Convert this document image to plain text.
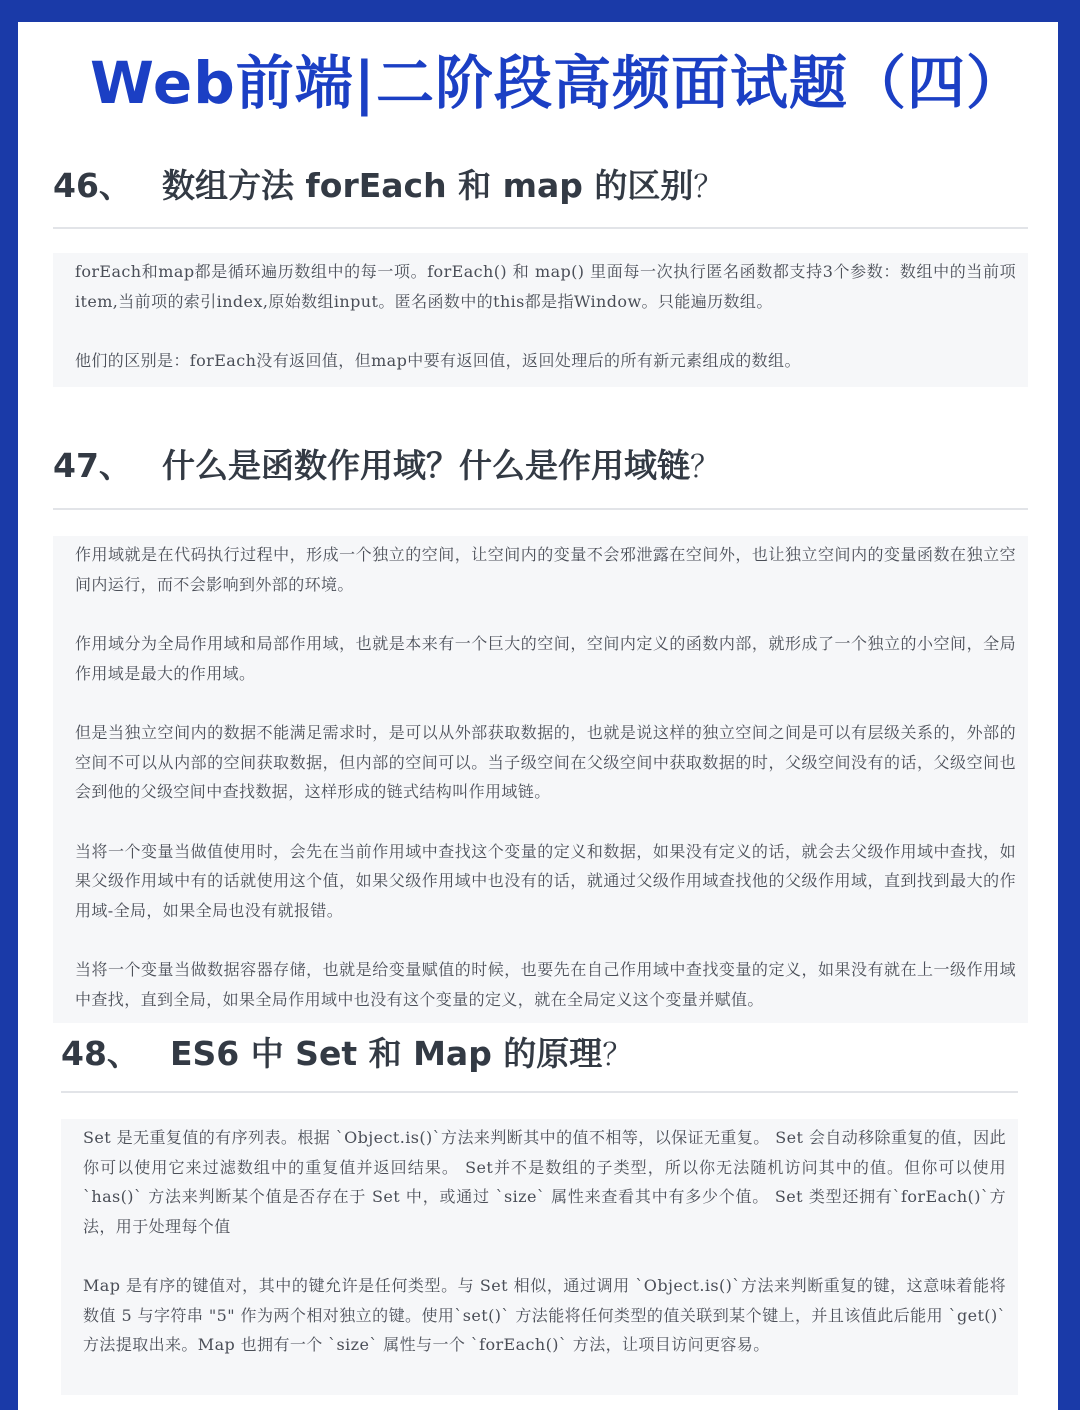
Web前端|二阶段高频面试题（四）
46、 数组方法 forEach 和 map 的区别？

forEach和map都是循环遍历数组中的每一项。forEach() 和 map() 里面每一次执行匿名函数都支持3个参数：数组中的当前项item,当前项的索引index,原始数组input。匿名函数中的this都是指Window。只能遍历数组。

他们的区别是：forEach没有返回值，但map中要有返回值，返回处理后的所有新元素组成的数组。

47、 什么是函数作用域？什么是作用域链？

作用域就是在代码执行过程中，形成一个独立的空间，让空间内的变量不会邪泄露在空间外，也让独立空间内的变量函数在独立空间内运行，而不会影响到外部的环境。

作用域分为全局作用域和局部作用域，也就是本来有一个巨大的空间，空间内定义的函数内部，就形成了一个独立的小空间，全局作用域是最大的作用域。

但是当独立空间内的数据不能满足需求时，是可以从外部获取数据的，也就是说这样的独立空间之间是可以有层级关系的，外部的空间不可以从内部的空间获取数据，但内部的空间可以。当子级空间在父级空间中获取数据的时，父级空间没有的话，父级空间也会到他的父级空间中查找数据，这样形成的链式结构叫作用域链。

当将一个变量当做值使用时，会先在当前作用域中查找这个变量的定义和数据，如果没有定义的话，就会去父级作用域中查找，如果父级作用域中有的话就使用这个值，如果父级作用域中也没有的话，就通过父级作用域查找他的父级作用域，直到找到最大的作用域-全局，如果全局也没有就报错。

当将一个变量当做数据容器存储，也就是给变量赋值的时候，也要先在自己作用域中查找变量的定义，如果没有就在上一级作用域中查找，直到全局，如果全局作用域中也没有这个变量的定义，就在全局定义这个变量并赋值。

48、 ES6 中 Set 和 Map 的原理？

Set 是无重复值的有序列表。根据 `Object.is()`方法来判断其中的值不相等，以保证无重复。 Set 会自动移除重复的值，因此你可以使用它来过滤数组中的重复值并返回结果。 Set并不是数组的子类型，所以你无法随机访问其中的值。但你可以使用`has()` 方法来判断某个值是否存在于 Set 中，或通过 `size` 属性来查看其中有多少个值。 Set 类型还拥有`forEach()`方法，用于处理每个值

Map 是有序的键值对，其中的键允许是任何类型。与 Set 相似，通过调用 `Object.is()`方法来判断重复的键，这意味着能将数值 5 与字符串 "5" 作为两个相对独立的键。使用`set()` 方法能将任何类型的值关联到某个键上，并且该值此后能用 `get()` 方法提取出来。Map 也拥有一个 `size` 属性与一个 `forEach()` 方法，让项目访问更容易。
